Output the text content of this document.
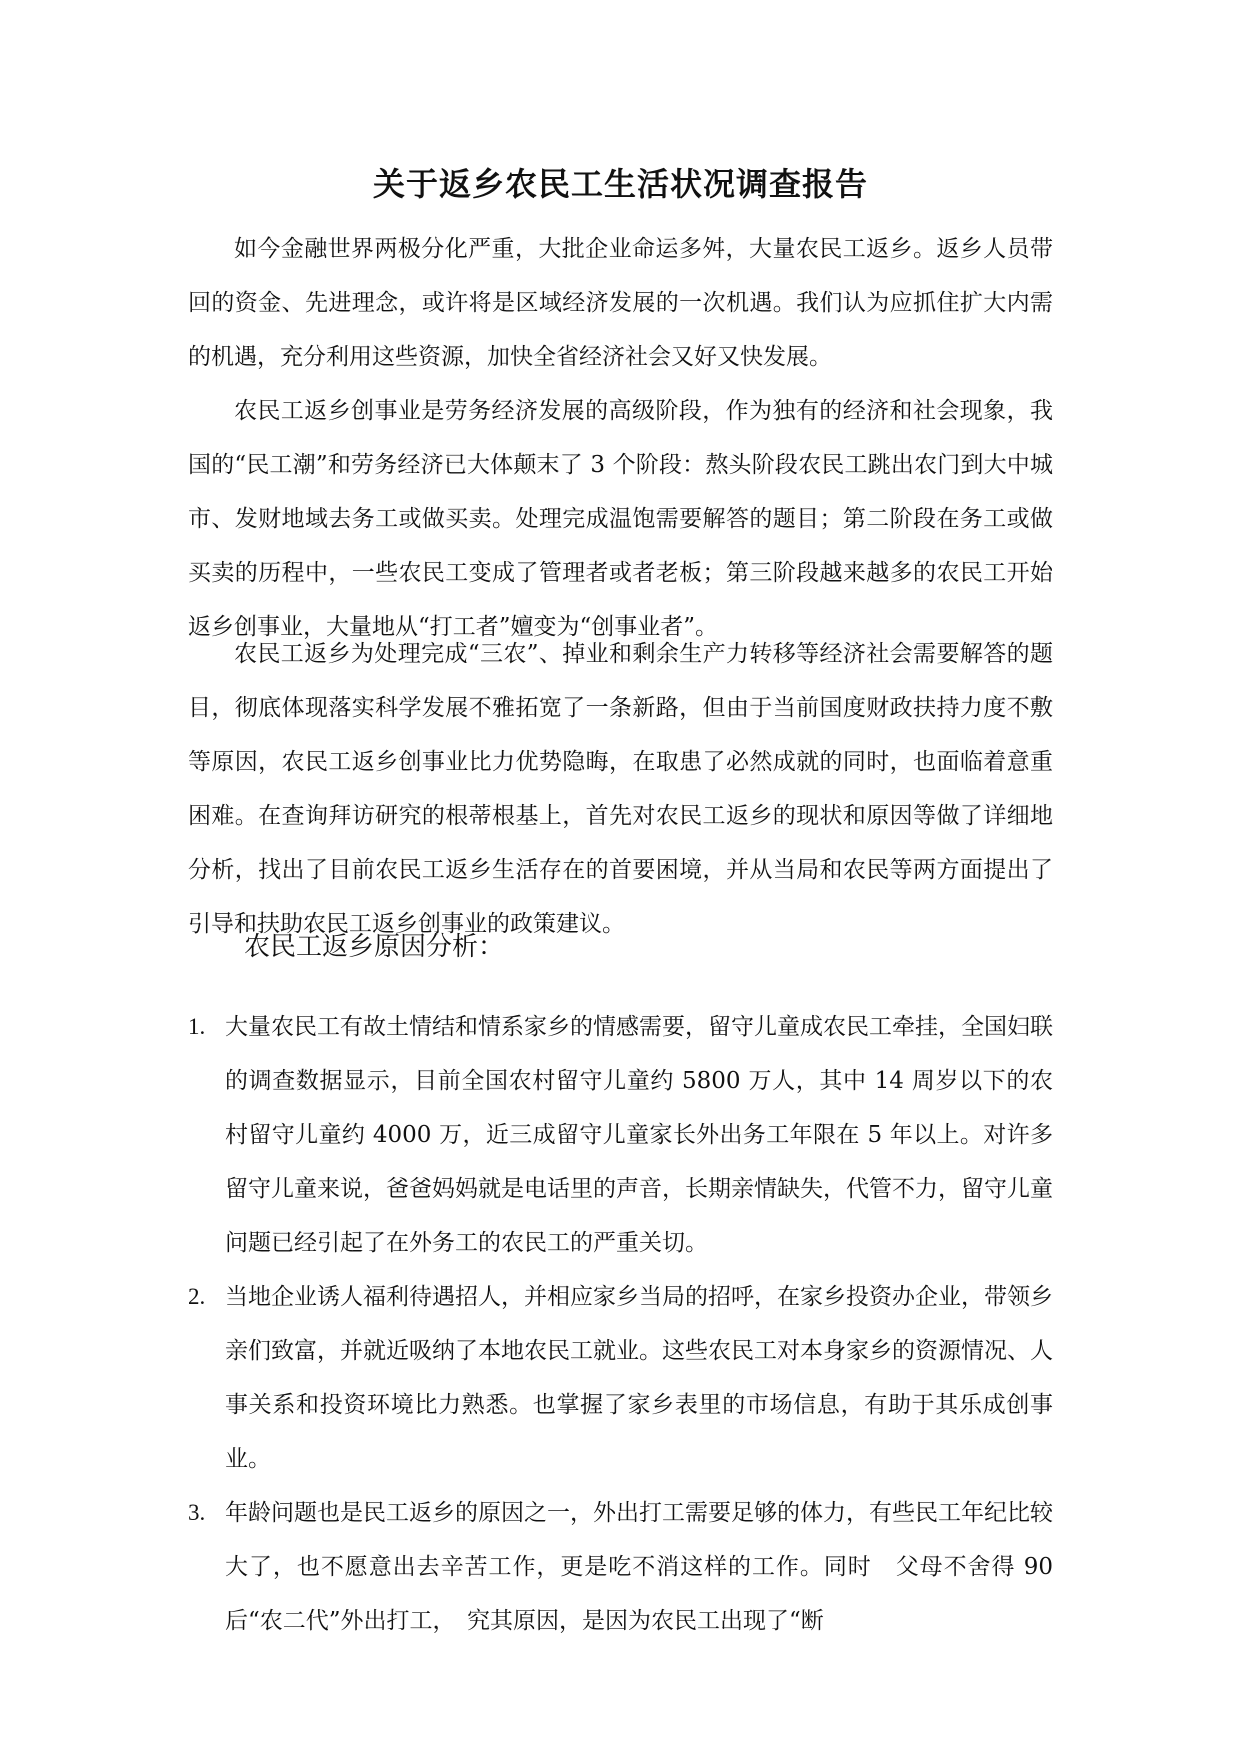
关于返乡农民工生活状况调查报告

如今金融世界两极分化严重，大批企业命运多舛，大量农民工返乡。返乡人员带回的资金、先进理念，或许将是区域经济发展的一次机遇。我们认为应抓住扩大内需的机遇，充分利用这些资源，加快全省经济社会又好又快发展。

农民工返乡创事业是劳务经济发展的高级阶段，作为独有的经济和社会现象，我国的“民工潮”和劳务经济已大体颠末了 3 个阶段：熬头阶段农民工跳出农门到大中城市、发财地域去务工或做买卖。处理完成温饱需要解答的题目；第二阶段在务工或做买卖的历程中，一些农民工变成了管理者或者老板；第三阶段越来越多的农民工开始返乡创事业，大量地从“打工者”嬗变为“创事业者”。

农民工返乡为处理完成“三农”、掉业和剩余生产力转移等经济社会需要解答的题目，彻底体现落实科学发展不雅拓宽了一条新路，但由于当前国度财政扶持力度不敷等原因，农民工返乡创事业比力优势隐晦，在取患了必然成就的同时，也面临着意重困难。在查询拜访研究的根蒂根基上，首先对农民工返乡的现状和原因等做了详细地分析，找出了目前农民工返乡生活存在的首要困境，并从当局和农民等两方面提出了引导和扶助农民工返乡创事业的政策建议。

农民工返乡原因分析：
1. 大量农民工有故土情结和情系家乡的情感需要，留守儿童成农民工牵挂，全国妇联的调查数据显示，目前全国农村留守儿童约 5800 万人，其中 14 周岁以下的农村留守儿童约 4000 万，近三成留守儿童家长外出务工年限在 5 年以上。对许多留守儿童来说，爸爸妈妈就是电话里的声音，长期亲情缺失，代管不力，留守儿童问题已经引起了在外务工的农民工的严重关切。
2. 当地企业诱人福利待遇招人，并相应家乡当局的招呼，在家乡投资办企业，带领乡亲们致富，并就近吸纳了本地农民工就业。这些农民工对本身家乡的资源情况、人事关系和投资环境比力熟悉。也掌握了家乡表里的市场信息，有助于其乐成创事业。
3. 年龄问题也是民工返乡的原因之一，外出打工需要足够的体力，有些民工年纪比较大了，也不愿意出去辛苦工作，更是吃不消这样的工作。同时　父母不舍得 90 后“农二代”外出打工，　究其原因，是因为农民工出现了“断
